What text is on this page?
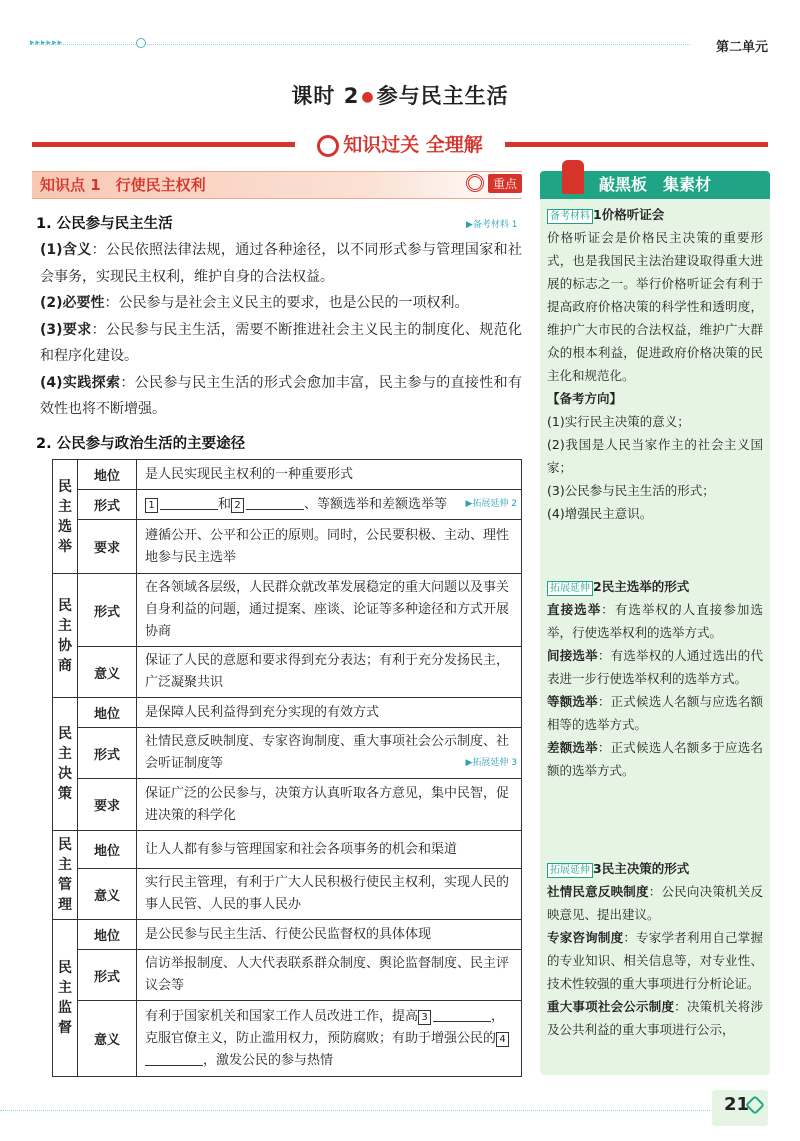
▸▸▸▸▸▸	第二单元
课时 2 ●参与民主生活
知识过关 全理解
知识点 1　行使民主权利	重点
1. 公民参与民主生活	▶备考材料 1
(1)含义：公民依照法律法规，通过各种途径，以不同形式参与管理国家和社会事务，实现民主权利，维护自身的合法权益。
(2)必要性：公民参与是社会主义民主的要求，也是公民的一项权利。
(3)要求：公民参与民主生活，需要不断推进社会主义民主的制度化、规范化和程序化建设。
(4)实践探索：公民参与民主生活的形式会愈加丰富，民主参与的直接性和有效性也将不断增强。
2. 公民参与政治生活的主要途径
民主选举	地位	是人民实现民主权利的一种重要形式
	形式	1 和 2 、等额选举和差额选举等 ▶拓展延伸 2

	要求	遵循公开、公平和公正的原则。同时，公民要积极、主动、理性地参与民主选举
民主协商	形式	在各领域各层级，人民群众就改革发展稳定的重大问题以及事关自身利益的问题，通过提案、座谈、论证等多种途径和方式开展协商
	意义	保证了人民的意愿和要求得到充分表达；有利于充分发扬民主，广泛凝聚共识
民主决策	地位	是保障人民利益得到充分实现的有效方式
	形式	社情民意反映制度、专家咨询制度、重大事项社会公示制度、社会听证制度等 ▶拓展延伸 3

	要求	保证广泛的公民参与，决策方认真听取各方意见，集中民智，促进决策的科学化
民主管理	地位	让人人都有参与管理国家和社会各项事务的机会和渠道
	意义	实行民主管理，有利于广大人民积极行使民主权利，实现人民的事人民管、人民的事人民办
民主监督	地位	是公民参与民主生活、行使公民监督权的具体体现
	形式	信访举报制度、人大代表联系群众制度、舆论监督制度、民主评议会等
	意义	有利于国家机关和国家工作人员改进工作，提高 3 ，克服官僚主义，防止滥用权力，预防腐败；有助于增强公民的 4，激发公民的参与热情
敲黑板　集素材
备考材料 1价格听证会
价格听证会是价格民主决策的重要形式，也是我国民主法治建设取得重大进展的标志之一。举行价格听证会有利于提高政府价格决策的科学性和透明度，维护广大市民的合法权益，维护广大群众的根本利益，促进政府价格决策的民主化和规范化。
【备考方向】
(1)实行民主决策的意义；
(2)我国是人民当家作主的社会主义国家；
(3)公民参与民主生活的形式；
(4)增强民主意识。
拓展延伸 2民主选举的形式
直接选举：有选举权的人直接参加选举，行使选举权利的选举方式。
间接选举：有选举权的人通过选出的代表进一步行使选举权利的选举方式。
等额选举：正式候选人名额与应选名额相等的选举方式。
差额选举：正式候选人名额多于应选名额的选举方式。
拓展延伸 3民主决策的形式
社情民意反映制度：公民向决策机关反映意见、提出建议。
专家咨询制度：专家学者利用自己掌握的专业知识、相关信息等，对专业性、技术性较强的重大事项进行分析论证。
重大事项社会公示制度：决策机关将涉及公共利益的重大事项进行公示，
21
